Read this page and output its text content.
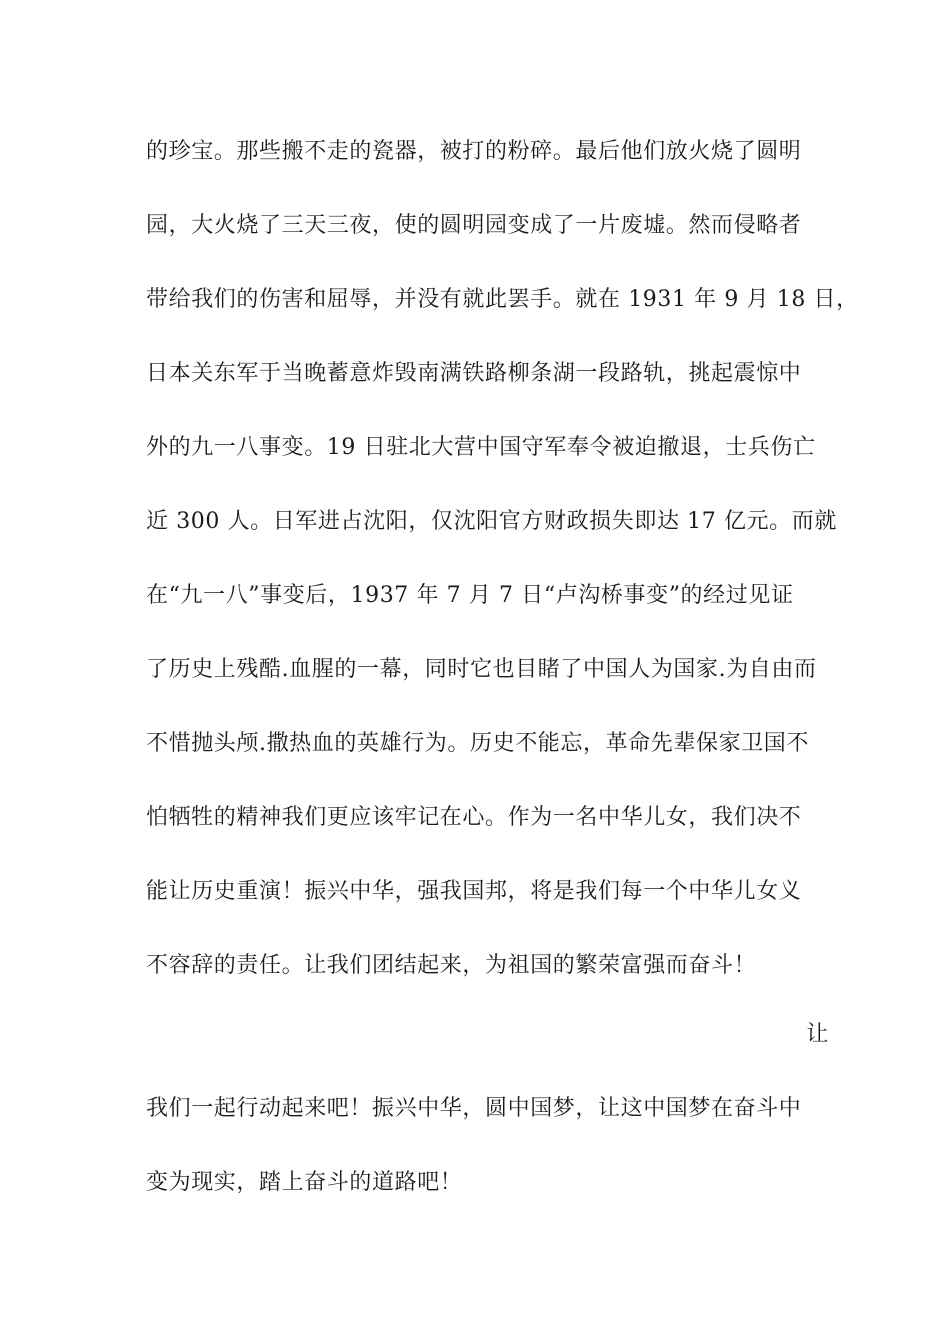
的珍宝。那些搬不走的瓷器，被打的粉碎。最后他们放火烧了圆明
园，大火烧了三天三夜，使的圆明园变成了一片废墟。然而侵略者
带给我们的伤害和屈辱，并没有就此罢手。就在 1931 年 9 月 18 日，
日本关东军于当晚蓄意炸毁南满铁路柳条湖一段路轨，挑起震惊中
外的九一八事变。19 日驻北大营中国守军奉令被迫撤退，士兵伤亡
近 300 人。日军进占沈阳，仅沈阳官方财政损失即达 17 亿元。而就
在“九一八”事变后，1937 年 7 月 7 日“卢沟桥事变”的经过见证
了历史上残酷.血腥的一幕，同时它也目睹了中国人为国家.为自由而
不惜抛头颅.撒热血的英雄行为。历史不能忘，革命先辈保家卫国不
怕牺牲的精神我们更应该牢记在心。作为一名中华儿女，我们决不
能让历史重演！振兴中华，强我国邦，将是我们每一个中华儿女义
不容辞的责任。让我们团结起来，为祖国的繁荣富强而奋斗！
让
我们一起行动起来吧！振兴中华，圆中国梦，让这中国梦在奋斗中
变为现实，踏上奋斗的道路吧！
